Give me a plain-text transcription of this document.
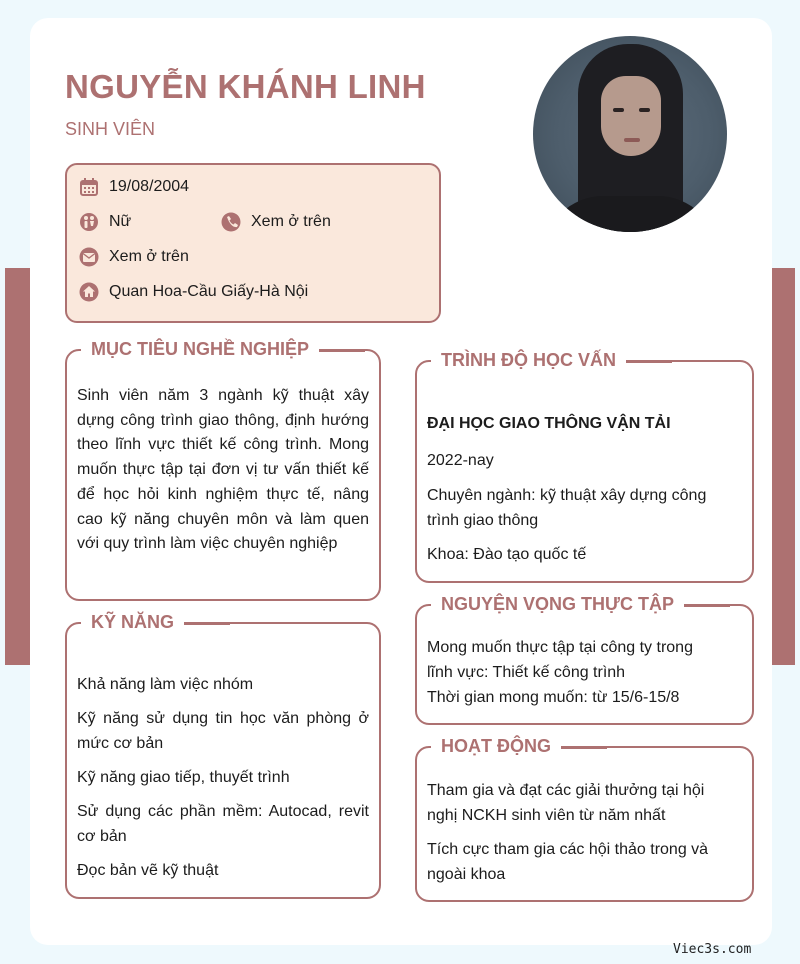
NGUYỄN KHÁNH LINH
SINH VIÊN
19/08/2004
Nữ	Xem ở trên
Xem ở trên
Quan Hoa-Cầu Giấy-Hà Nội
MỤC TIÊU NGHỀ NGHIỆP
Sinh viên năm 3 ngành kỹ thuật xây dựng công trình giao thông, định hướng theo lĩnh vực thiết kế công trình. Mong muốn thực tập tại đơn vị tư vấn thiết kế để học hỏi kinh nghiệm thực tế, nâng cao kỹ năng chuyên môn và làm quen với quy trình làm việc chuyên nghiệp
KỸ NĂNG
Khả năng làm việc nhóm
Kỹ năng sử dụng tin học văn phòng ở mức cơ bản
Kỹ năng giao tiếp, thuyết trình
Sử dụng các phần mềm: Autocad, revit cơ bản
Đọc bản vẽ kỹ thuật
TRÌNH ĐỘ HỌC VẤN
ĐẠI HỌC GIAO THÔNG VẬN TẢI
2022-nay
Chuyên ngành: kỹ thuật xây dựng công trình giao thông
Khoa: Đào tạo quốc tế
NGUYỆN VỌNG THỰC TẬP
Mong muốn thực tập tại công ty trong lĩnh vực: Thiết kế công trình
Thời gian mong muốn: từ 15/6-15/8
HOẠT ĐỘNG
Tham gia và đạt các giải thưởng tại hội nghị NCKH sinh viên từ năm nhất
Tích cực tham gia các hội thảo trong và ngoài khoa
Viec3s.com
